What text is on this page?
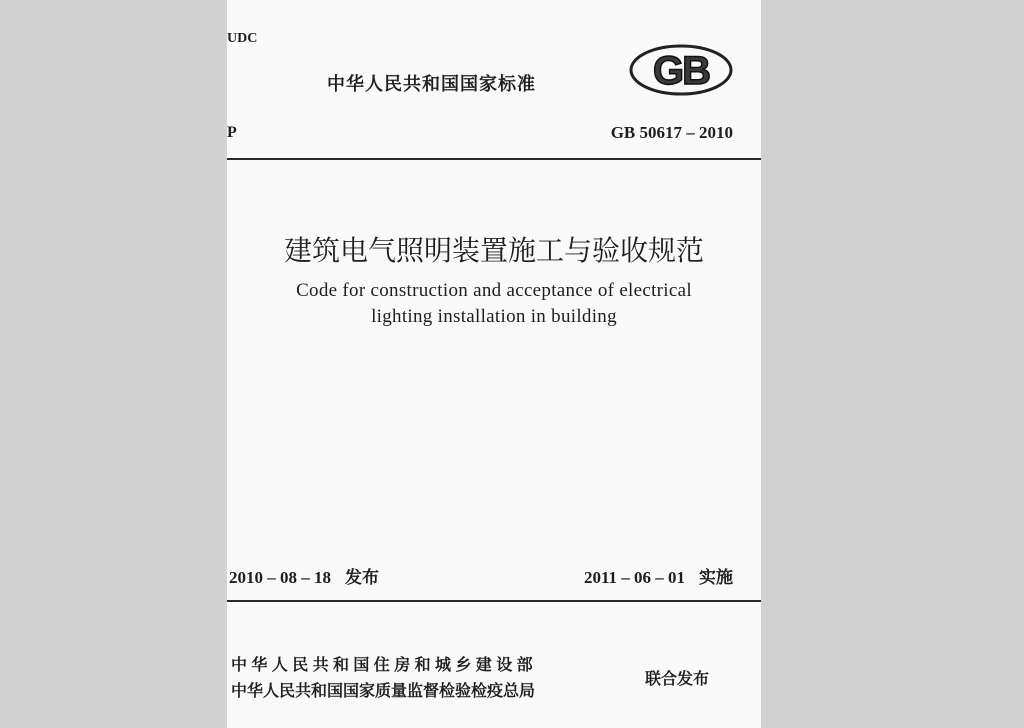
UDC
中华人民共和国国家标准	GB
P	GB 50617 – 2010
建筑电气照明装置施工与验收规范
Code for construction and acceptance of electrical
lighting installation in building
2010 – 08 – 18 发布	2011 – 06 – 01 实施
中华人民共和国住房和城乡建设部
中华人民共和国国家质量监督检验检疫总局
联合发布
